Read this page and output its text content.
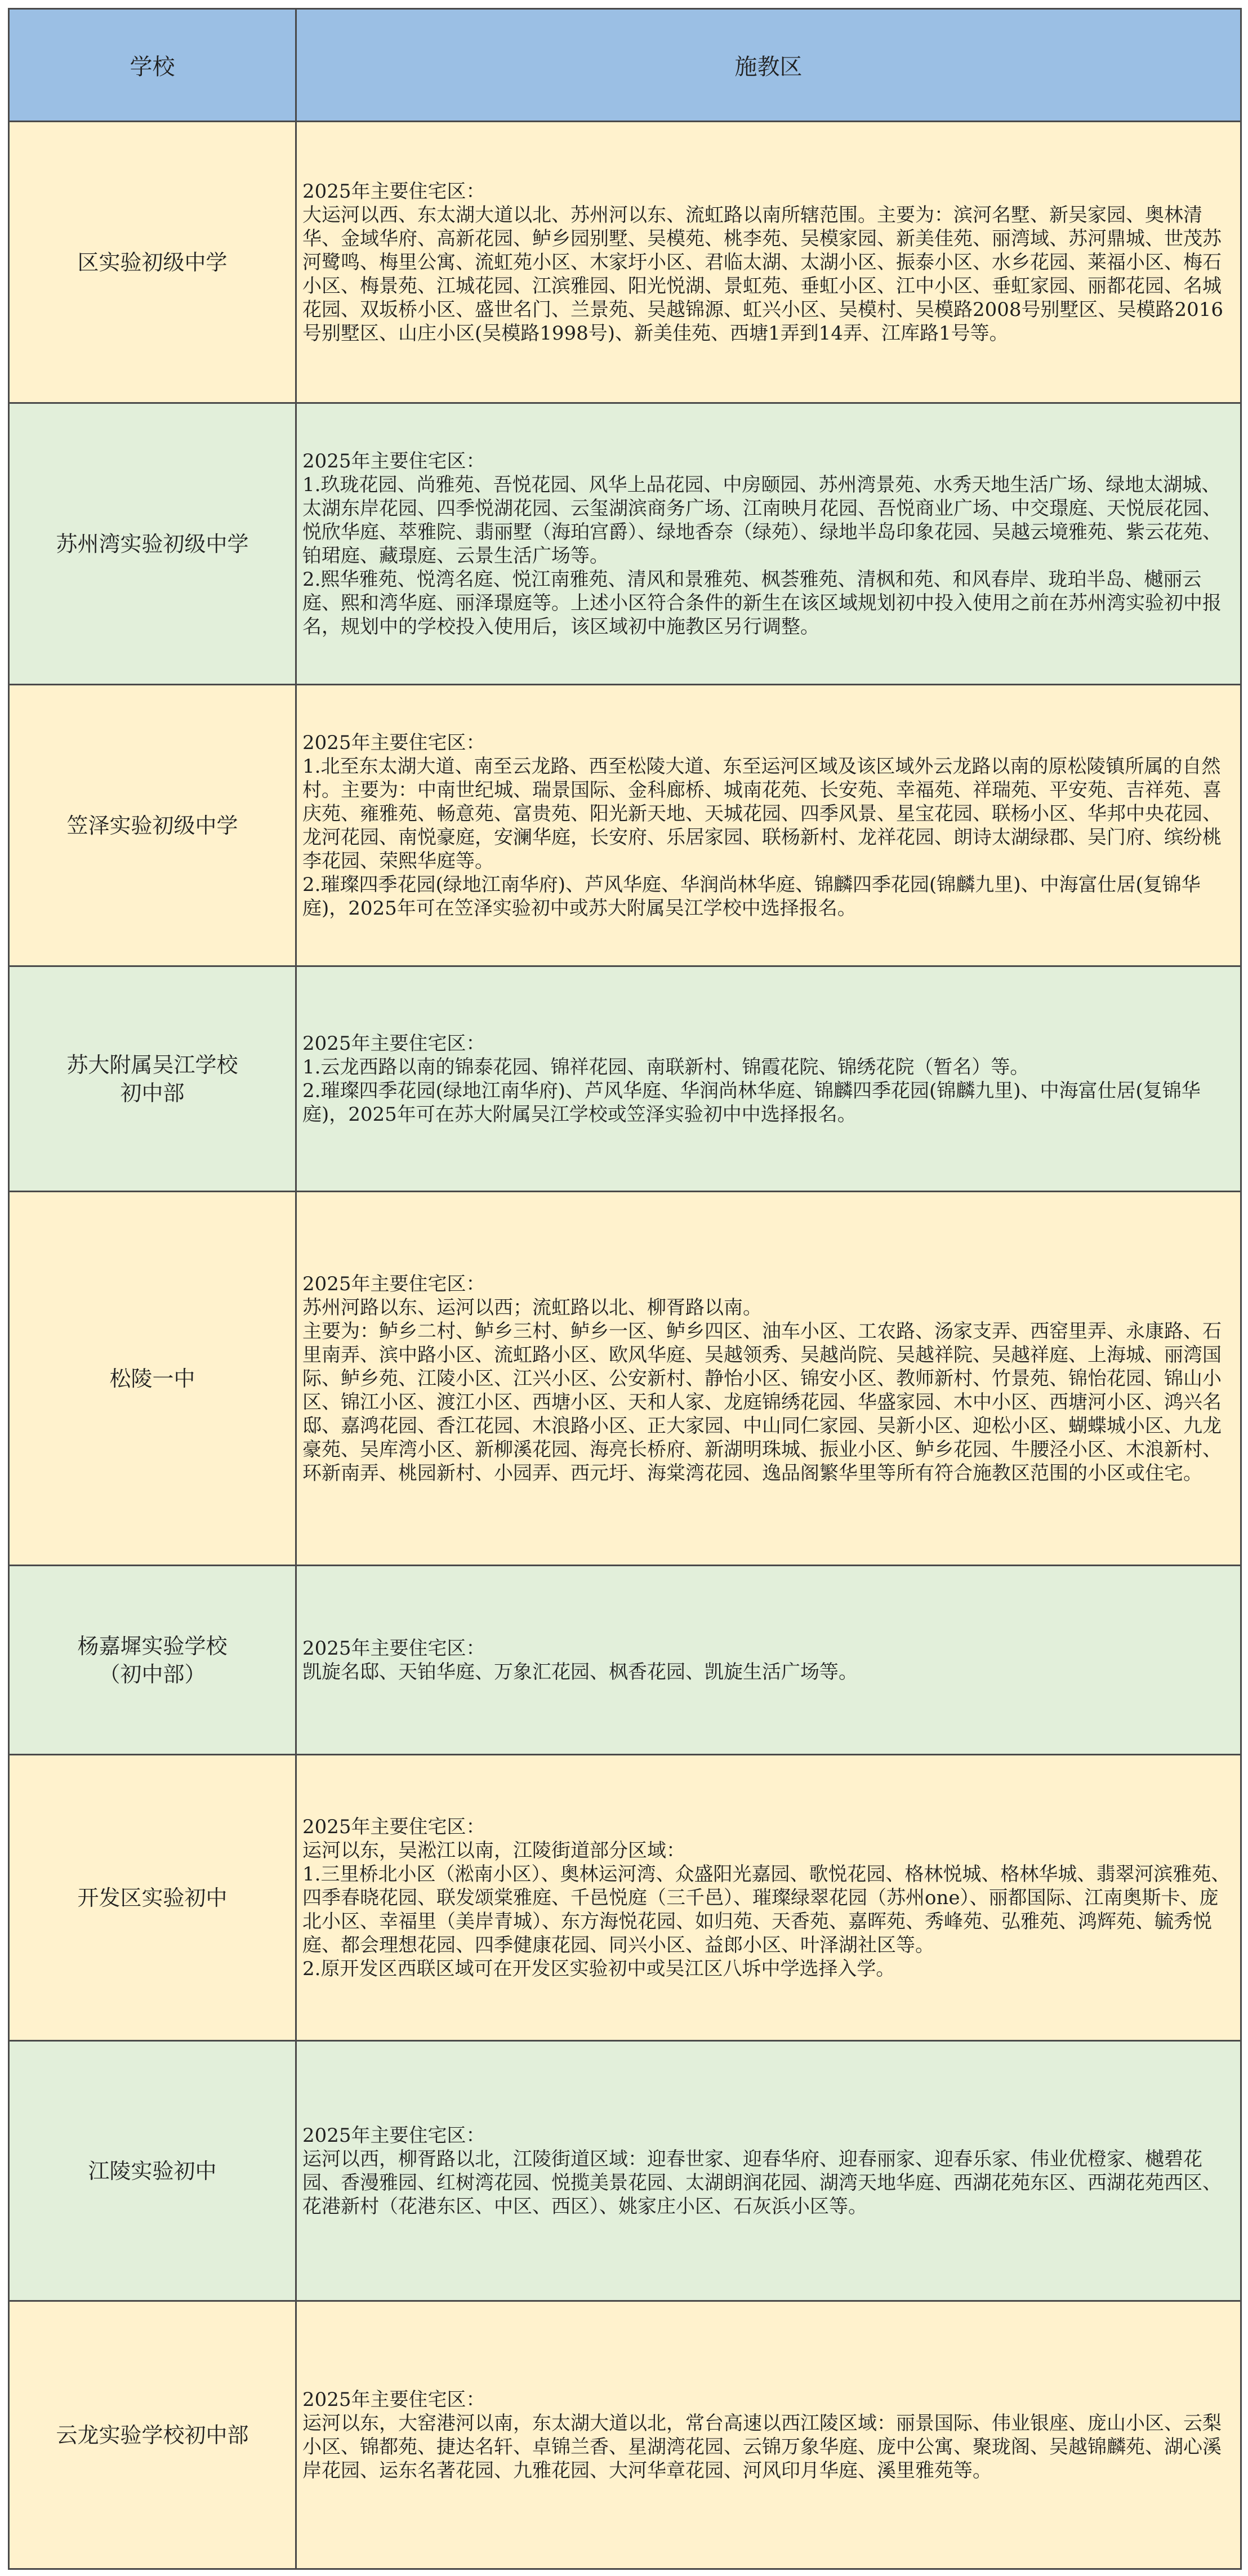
学校	施教区
区实验初级中学	2025年主要住宅区：
大运河以西、东太湖大道以北、苏州河以东、流虹路以南所辖范围。主要为：滨河名墅、新吴家园、奥林清华、金域华府、高新花园、鲈乡园别墅、吴模苑、桃李苑、吴模家园、新美佳苑、丽湾域、苏河鼎城、世茂苏河鹭鸣、梅里公寓、流虹苑小区、木家圩小区、君临太湖、太湖小区、振泰小区、水乡花园、莱福小区、梅石小区、梅景苑、江城花园、江滨雅园、阳光悦湖、景虹苑、垂虹小区、江中小区、垂虹家园、丽都花园、名城花园、双坂桥小区、盛世名门、兰景苑、吴越锦源、虹兴小区、吴模村、吴模路2008号别墅区、吴模路2016号别墅区、山庄小区(吴模路1998号)、新美佳苑、西塘1弄到14弄、江库路1号等。

苏州湾实验初级中学	2025年主要住宅区：
1.玖珑花园、尚雅苑、吾悦花园、风华上品花园、中房颐园、苏州湾景苑、水秀天地生活广场、绿地太湖城、太湖东岸花园、四季悦湖花园、云玺湖滨商务广场、江南映月花园、吾悦商业广场、中交璟庭、天悦辰花园、悦欣华庭、萃雅院、翡丽墅（海珀宫爵）、绿地香奈（绿苑）、绿地半岛印象花园、吴越云境雅苑、紫云花苑、铂珺庭、藏璟庭、云景生活广场等。
2.熙华雅苑、悦湾名庭、悦江南雅苑、清风和景雅苑、枫荟雅苑、清枫和苑、和风春岸、珑珀半岛、樾丽云庭、熙和湾华庭、丽泽璟庭等。上述小区符合条件的新生在该区域规划初中投入使用之前在苏州湾实验初中报名，规划中的学校投入使用后，该区域初中施教区另行调整。

笠泽实验初级中学	2025年主要住宅区：
1.北至东太湖大道、南至云龙路、西至松陵大道、东至运河区域及该区域外云龙路以南的原松陵镇所属的自然村。主要为：中南世纪城、瑞景国际、金科廊桥、城南花苑、长安苑、幸福苑、祥瑞苑、平安苑、吉祥苑、喜庆苑、雍雅苑、畅意苑、富贵苑、阳光新天地、天城花园、四季风景、星宝花园、联杨小区、华邦中央花园、龙河花园、南悦豪庭，安澜华庭，长安府、乐居家园、联杨新村、龙祥花园、朗诗太湖绿郡、吴门府、缤纷桃李花园、荣熙华庭等。
2.璀璨四季花园(绿地江南华府)、芦风华庭、华润尚林华庭、锦麟四季花园(锦麟九里)、中海富仕居(复锦华庭)，2025年可在笠泽实验初中或苏大附属吴江学校中选择报名。

苏大附属吴江学校
初中部	2025年主要住宅区：
1.云龙西路以南的锦泰花园、锦祥花园、南联新村、锦霞花院、锦绣花院（暂名）等。
2.璀璨四季花园(绿地江南华府)、芦风华庭、华润尚林华庭、锦麟四季花园(锦麟九里)、中海富仕居(复锦华庭)，2025年可在苏大附属吴江学校或笠泽实验初中中选择报名。

松陵一中	2025年主要住宅区：
苏州河路以东、运河以西；流虹路以北、柳胥路以南。
主要为：鲈乡二村、鲈乡三村、鲈乡一区、鲈乡四区、油车小区、工农路、汤家支弄、西窑里弄、永康路、石里南弄、滨中路小区、流虹路小区、欧风华庭、吴越领秀、吴越尚院、吴越祥院、吴越祥庭、上海城、丽湾国际、鲈乡苑、江陵小区、江兴小区、公安新村、静怡小区、锦安小区、教师新村、竹景苑、锦怡花园、锦山小区、锦江小区、渡江小区、西塘小区、天和人家、龙庭锦绣花园、华盛家园、木中小区、西塘河小区、鸿兴名邸、嘉鸿花园、香江花园、木浪路小区、正大家园、中山同仁家园、吴新小区、迎松小区、蝴蝶城小区、九龙豪苑、吴库湾小区、新柳溪花园、海亮长桥府、新湖明珠城、振业小区、鲈乡花园、牛腰泾小区、木浪新村、环新南弄、桃园新村、小园弄、西元圩、海棠湾花园、逸品阁繁华里等所有符合施教区范围的小区或住宅。

杨嘉墀实验学校
（初中部）	2025年主要住宅区：
凯旋名邸、天铂华庭、万象汇花园、枫香花园、凯旋生活广场等。

开发区实验初中	2025年主要住宅区：
运河以东，吴淞江以南，江陵街道部分区域：
1.三里桥北小区（淞南小区）、奥林运河湾、众盛阳光嘉园、歌悦花园、格林悦城、格林华城、翡翠河滨雅苑、四季春晓花园、联发颂棠雅庭、千邑悦庭（三千邑）、璀璨绿翠花园（苏州one）、丽都国际、江南奥斯卡、庞北小区、幸福里（美岸青城）、东方海悦花园、如归苑、天香苑、嘉晖苑、秀峰苑、弘雅苑、鸿辉苑、毓秀悦庭、都会理想花园、四季健康花园、同兴小区、益郎小区、叶泽湖社区等。
2.原开发区西联区域可在开发区实验初中或吴江区八坼中学选择入学。

江陵实验初中	2025年主要住宅区：
运河以西，柳胥路以北，江陵街道区域：迎春世家、迎春华府、迎春丽家、迎春乐家、伟业优橙家、樾碧花园、香漫雅园、红树湾花园、悦揽美景花园、太湖朗润花园、湖湾天地华庭、西湖花苑东区、西湖花苑西区、花港新村（花港东区、中区、西区）、姚家庄小区、石灰浜小区等。

云龙实验学校初中部	2025年主要住宅区：
运河以东，大窑港河以南，东太湖大道以北，常台高速以西江陵区域：丽景国际、伟业银座、庞山小区、云梨小区、锦都苑、捷达名轩、卓锦兰香、星湖湾花园、云锦万象华庭、庞中公寓、聚珑阁、吴越锦麟苑、湖心溪岸花园、运东名著花园、九雅花园、大河华章花园、河风印月华庭、溪里雅苑等。
